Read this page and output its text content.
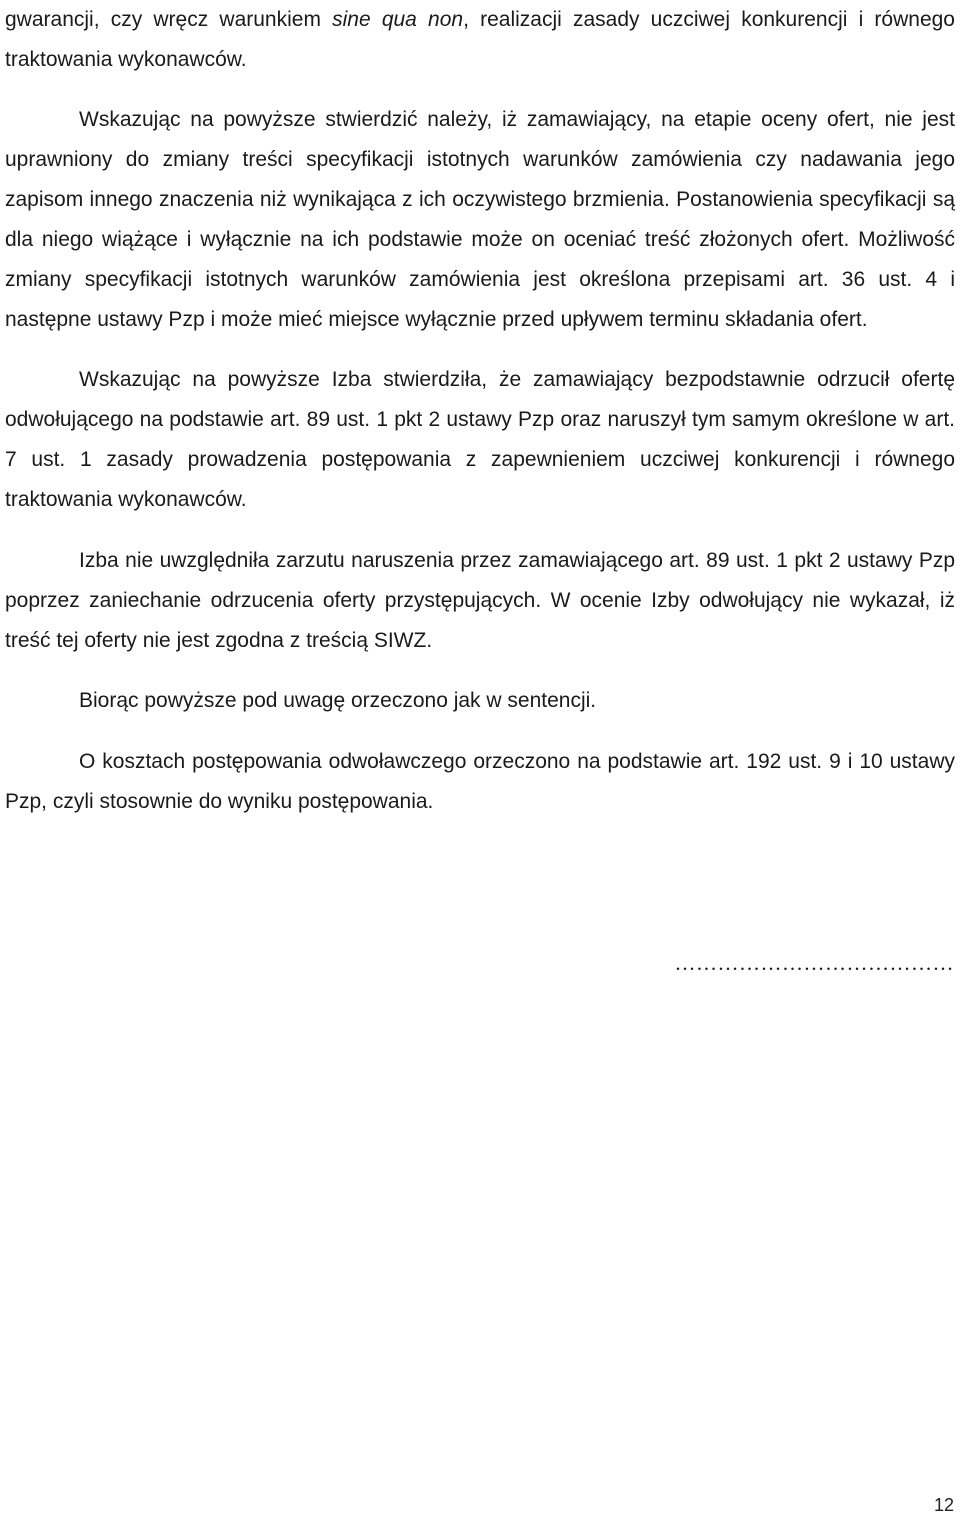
gwarancji, czy wręcz warunkiem sine qua non, realizacji zasady uczciwej konkurencji i równego traktowania wykonawców.

Wskazując na powyższe stwierdzić należy, iż zamawiający, na etapie oceny ofert, nie jest uprawniony do zmiany treści specyfikacji istotnych warunków zamówienia czy nadawania jego zapisom innego znaczenia niż wynikająca z ich oczywistego brzmienia. Postanowienia specyfikacji są dla niego wiążące i wyłącznie na ich podstawie może on oceniać treść złożonych ofert. Możliwość zmiany specyfikacji istotnych warunków zamówienia jest określona przepisami art. 36 ust. 4 i następne ustawy Pzp i może mieć miejsce wyłącznie przed upływem terminu składania ofert.

Wskazując na powyższe Izba stwierdziła, że zamawiający bezpodstawnie odrzucił ofertę odwołującego na podstawie art. 89 ust. 1 pkt 2 ustawy Pzp oraz naruszył tym samym określone w art. 7 ust. 1 zasady prowadzenia postępowania z zapewnieniem uczciwej konkurencji i równego traktowania wykonawców.

Izba nie uwzględniła zarzutu naruszenia przez zamawiającego art. 89 ust. 1 pkt 2 ustawy Pzp poprzez zaniechanie odrzucenia oferty przystępujących. W ocenie Izby odwołujący nie wykazał, iż treść tej oferty nie jest zgodna z treścią SIWZ.

Biorąc powyższe pod uwagę orzeczono jak w sentencji.

O kosztach postępowania odwoławczego orzeczono na podstawie art. 192 ust. 9 i 10 ustawy Pzp, czyli stosownie do wyniku postępowania.

…………………………………
12
